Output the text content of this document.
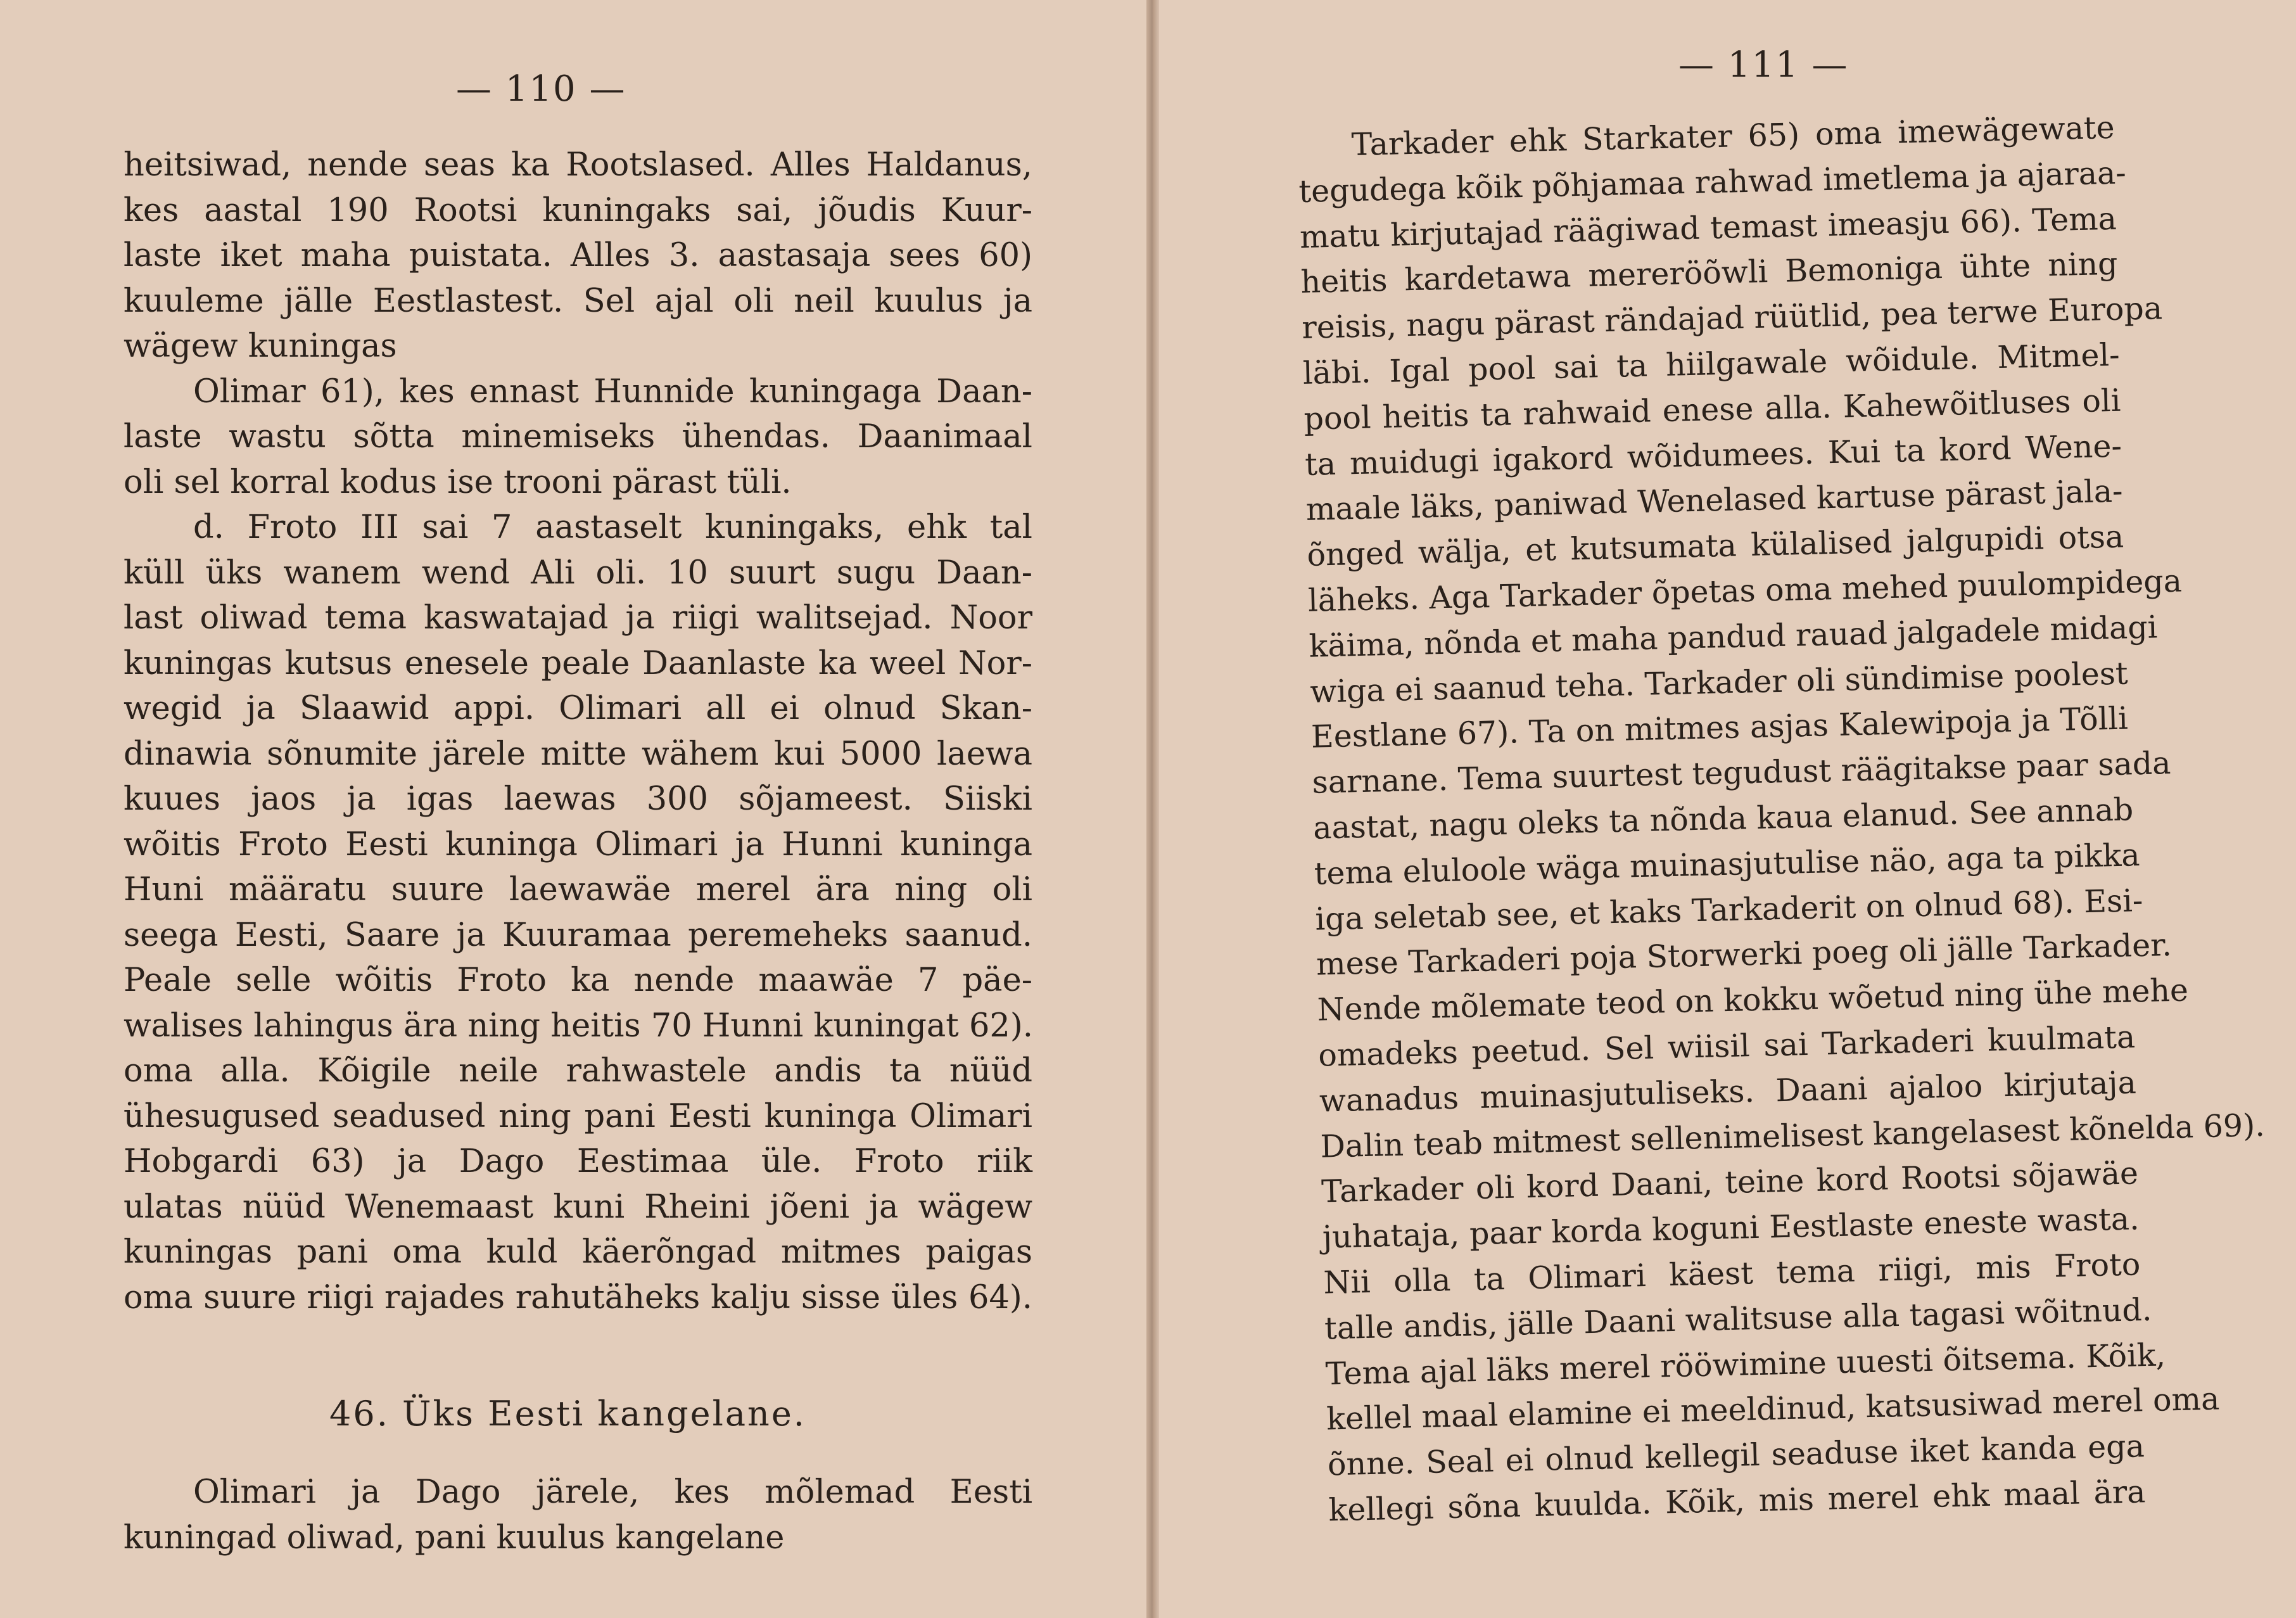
— 110 —
heitsiwad, nende seas ka Rootslased. Alles Haldanus,
kes aastal 190 Rootsi kuningaks sai, jõudis Kuur-
laste iket maha puistata. Alles 3. aastasaja sees 60)
kuuleme jälle Eestlastest. Sel ajal oli neil kuulus ja
wägew kuningas
Olimar 61), kes ennast Hunnide kuningaga Daan-
laste wastu sõtta minemiseks ühendas. Daanimaal
oli sel korral kodus ise trooni pärast tüli.
d. Froto III sai 7 aastaselt kuningaks, ehk tal
küll üks wanem wend Ali oli. 10 suurt sugu Daan-
last oliwad tema kaswatajad ja riigi walitsejad. Noor
kuningas kutsus enesele peale Daanlaste ka weel Nor-
wegid ja Slaawid appi. Olimari all ei olnud Skan-
dinawia sõnumite järele mitte wähem kui 5000 laewa
kuues jaos ja igas laewas 300 sõjameest. Siiski
wõitis Froto Eesti kuninga Olimari ja Hunni kuninga
Huni määratu suure laewawäe merel ära ning oli
seega Eesti, Saare ja Kuuramaa peremeheks saanud.
Peale selle wõitis Froto ka nende maawäe 7 päe-
walises lahingus ära ning heitis 70 Hunni kuningat 62).
oma alla. Kõigile neile rahwastele andis ta nüüd
ühesugused seadused ning pani Eesti kuninga Olimari
Hobgardi 63) ja Dago Eestimaa üle. Froto riik
ulatas nüüd Wenemaast kuni Rheini jõeni ja wägew
kuningas pani oma kuld käerõngad mitmes paigas
oma suure riigi rajades rahutäheks kalju sisse üles 64).
46. Üks Eesti kangelane.
Olimari ja Dago järele, kes mõlemad Eesti
kuningad oliwad, pani kuulus kangelane
— 111 —
Tarkader ehk Starkater 65) oma imewägewate
tegudega kõik põhjamaa rahwad imetlema ja ajaraa-
matu kirjutajad räägiwad temast imeasju 66). Tema
heitis kardetawa mereröõwli Bemoniga ühte ning
reisis, nagu pärast rändajad rüütlid, pea terwe Europa
läbi. Igal pool sai ta hiilgawale wõidule. Mitmel-
pool heitis ta rahwaid enese alla. Kahewõitluses oli
ta muidugi igakord wõidumees. Kui ta kord Wene-
maale läks, paniwad Wenelased kartuse pärast jala-
õnged wälja, et kutsumata külalised jalgupidi otsa
läheks. Aga Tarkader õpetas oma mehed puulompidega
käima, nõnda et maha pandud rauad jalgadele midagi
wiga ei saanud teha. Tarkader oli sündimise poolest
Eestlane 67). Ta on mitmes asjas Kalewipoja ja Tõlli
sarnane. Tema suurtest tegudust räägitakse paar sada
aastat, nagu oleks ta nõnda kaua elanud. See annab
tema eluloole wäga muinasjutulise näo, aga ta pikka
iga seletab see, et kaks Tarkaderit on olnud 68). Esi-
mese Tarkaderi poja Storwerki poeg oli jälle Tarkader.
Nende mõlemate teod on kokku wõetud ning ühe mehe
omadeks peetud. Sel wiisil sai Tarkaderi kuulmata
wanadus muinasjutuliseks. Daani ajaloo kirjutaja
Dalin teab mitmest sellenimelisest kangelasest kõnelda 69).
Tarkader oli kord Daani, teine kord Rootsi sõjawäe
juhataja, paar korda koguni Eestlaste eneste wasta.
Nii olla ta Olimari käest tema riigi, mis Froto
talle andis, jälle Daani walitsuse alla tagasi wõitnud.
Tema ajal läks merel rööwimine uuesti õitsema. Kõik,
kellel maal elamine ei meeldinud, katsusiwad merel oma
õnne. Seal ei olnud kellegil seaduse iket kanda ega
kellegi sõna kuulda. Kõik, mis merel ehk maal ära
